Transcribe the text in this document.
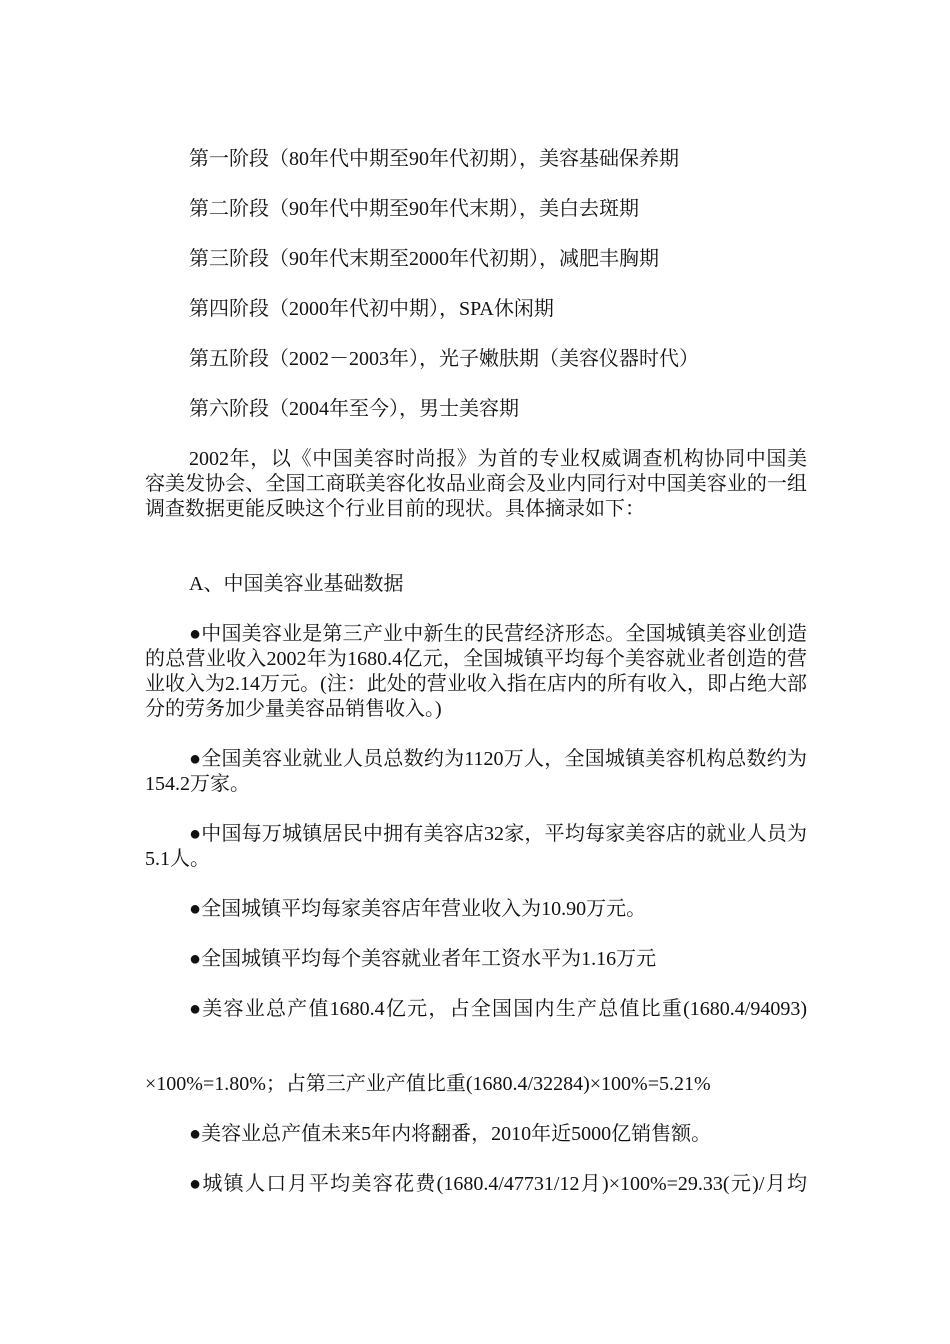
第一阶段（80年代中期至90年代初期），美容基础保养期

第二阶段（90年代中期至90年代末期），美白去斑期

第三阶段（90年代末期至2000年代初期），减肥丰胸期

第四阶段（2000年代初中期），SPA休闲期

第五阶段（2002－2003年），光子嫩肤期（美容仪器时代）

第六阶段（2004年至今），男士美容期

2002年，以《中国美容时尚报》为首的专业权威调查机构协同中国美容美发协会、全国工商联美容化妆品业商会及业内同行对中国美容业的一组调查数据更能反映这个行业目前的现状。具体摘录如下：

A、中国美容业基础数据

●中国美容业是第三产业中新生的民营经济形态。全国城镇美容业创造的总营业收入2002年为1680.4亿元，全国城镇平均每个美容就业者创造的营业收入为2.14万元。(注：此处的营业收入指在店内的所有收入，即占绝大部分的劳务加少量美容品销售收入。)

●全国美容业就业人员总数约为1120万人，全国城镇美容机构总数约为154.2万家。

●中国每万城镇居民中拥有美容店32家，平均每家美容店的就业人员为5.1人。

●全国城镇平均每家美容店年营业收入为10.90万元。

●全国城镇平均每个美容就业者年工资水平为1.16万元

●美容业总产值1680.4亿元，占全国国内生产总值比重(1680.4/94093)

×100%=1.80%；占第三产业产值比重(1680.4/32284)×100%=5.21%

●美容业总产值未来5年内将翻番，2010年近5000亿销售额。

●城镇人口月平均美容花费(1680.4/47731/12月)×100%=29.33(元)/月均
